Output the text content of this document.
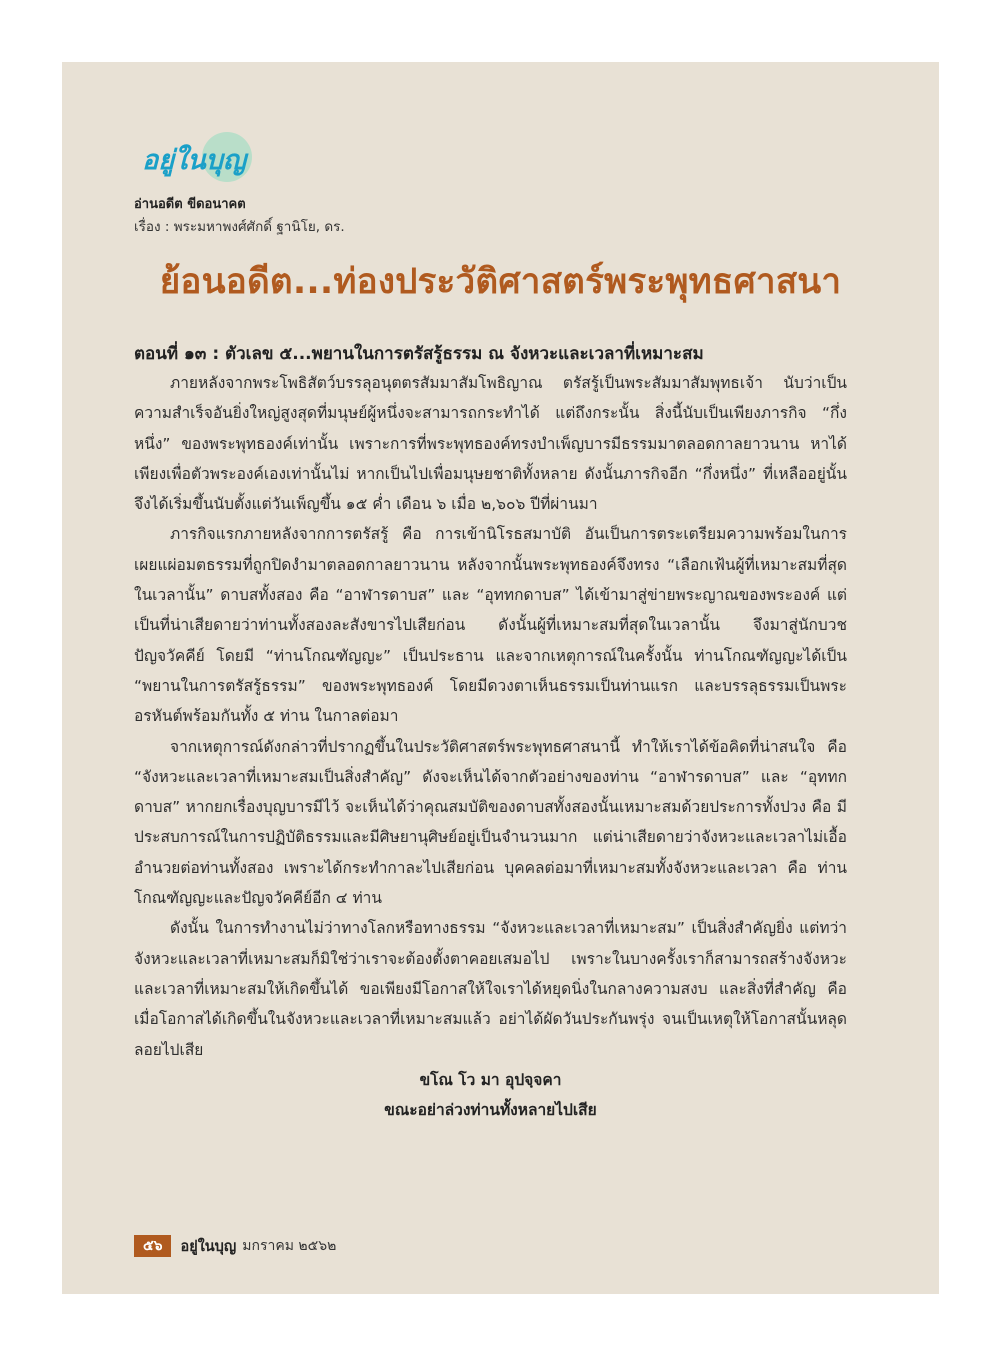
อยู่ในบุญ
อ่านอดีต ขีดอนาคต
เรื่อง : พระมหาพงศ์ศักดิ์ ฐานิโย, ดร.
ย้อนอดีต...ท่องประวัติศาสตร์พระพุทธศาสนา
ตอนที่ ๑๓ : ตัวเลข ๕...พยานในการตรัสรู้ธรรม ณ จังหวะและเวลาที่เหมาะสม

ภายหลังจากพระโพธิสัตว์บรรลุอนุตตรสัมมาสัมโพธิญาณ ตรัสรู้เป็นพระสัมมาสัมพุทธเจ้า นับว่าเป็นความสำเร็จอันยิ่งใหญ่สูงสุดที่มนุษย์ผู้หนึ่งจะสามารถกระทำได้ แต่ถึงกระนั้น สิ่งนี้นับเป็นเพียงภารกิจ “กึ่งหนึ่ง” ของพระพุทธองค์เท่านั้น เพราะการที่พระพุทธองค์ทรงบำเพ็ญบารมีธรรมมาตลอดกาลยาวนาน หาได้เพียงเพื่อตัวพระองค์เองเท่านั้นไม่ หากเป็นไปเพื่อมนุษยชาติทั้งหลาย ดังนั้นภารกิจอีก “กึ่งหนึ่ง” ที่เหลืออยู่นั้น จึงได้เริ่มขึ้นนับตั้งแต่วันเพ็ญขึ้น ๑๕ ค่ำ เดือน ๖ เมื่อ ๒,๖๐๖ ปีที่ผ่านมา

ภารกิจแรกภายหลังจากการตรัสรู้ คือ การเข้านิโรธสมาบัติ อันเป็นการตระเตรียมความพร้อมในการเผยแผ่อมตธรรมที่ถูกปิดงำมาตลอดกาลยาวนาน หลังจากนั้นพระพุทธองค์จึงทรง “เลือกเฟ้นผู้ที่เหมาะสมที่สุดในเวลานั้น” ดาบสทั้งสอง คือ “อาฬารดาบส” และ “อุททกดาบส” ได้เข้ามาสู่ข่ายพระญาณของพระองค์ แต่เป็นที่น่าเสียดายว่าท่านทั้งสองละสังขารไปเสียก่อน ดังนั้นผู้ที่เหมาะสมที่สุดในเวลานั้น จึงมาสู่นักบวชปัญจวัคคีย์ โดยมี “ท่านโกณฑัญญะ” เป็นประธาน และจากเหตุการณ์ในครั้งนั้น ท่านโกณฑัญญะได้เป็น “พยานในการตรัสรู้ธรรม” ของพระพุทธองค์ โดยมีดวงตาเห็นธรรมเป็นท่านแรก และบรรลุธรรมเป็นพระอรหันต์พร้อมกันทั้ง ๕ ท่าน ในกาลต่อมา

จากเหตุการณ์ดังกล่าวที่ปรากฏขึ้นในประวัติศาสตร์พระพุทธศาสนานี้ ทำให้เราได้ข้อคิดที่น่าสนใจ คือ “จังหวะและเวลาที่เหมาะสมเป็นสิ่งสำคัญ” ดังจะเห็นได้จากตัวอย่างของท่าน “อาฬารดาบส” และ “อุททกดาบส” หากยกเรื่องบุญบารมีไว้ จะเห็นได้ว่าคุณสมบัติของดาบสทั้งสองนั้นเหมาะสมด้วยประการทั้งปวง คือ มีประสบการณ์ในการปฏิบัติธรรมและมีศิษยานุศิษย์อยู่เป็นจำนวนมาก แต่น่าเสียดายว่าจังหวะและเวลาไม่เอื้ออำนวยต่อท่านทั้งสอง เพราะได้กระทำกาละไปเสียก่อน บุคคลต่อมาที่เหมาะสมทั้งจังหวะและเวลา คือ ท่านโกณฑัญญะและปัญจวัคคีย์อีก ๔ ท่าน

ดังนั้น ในการทำงานไม่ว่าทางโลกหรือทางธรรม “จังหวะและเวลาที่เหมาะสม” เป็นสิ่งสำคัญยิ่ง แต่ทว่าจังหวะและเวลาที่เหมาะสมก็มิใช่ว่าเราจะต้องตั้งตาคอยเสมอไป เพราะในบางครั้งเราก็สามารถสร้างจังหวะและเวลาที่เหมาะสมให้เกิดขึ้นได้ ขอเพียงมีโอกาสให้ใจเราได้หยุดนิ่งในกลางความสงบ และสิ่งที่สำคัญ คือ เมื่อโอกาสได้เกิดขึ้นในจังหวะและเวลาที่เหมาะสมแล้ว อย่าได้ผัดวันประกันพรุ่ง จนเป็นเหตุให้โอกาสนั้นหลุดลอยไปเสีย

ขโณ โว มา อุปจฺจคา
ขณะอย่าล่วงท่านทั้งหลายไปเสีย
๕๖	อยู่ในบุญ มกราคม ๒๕๖๒
